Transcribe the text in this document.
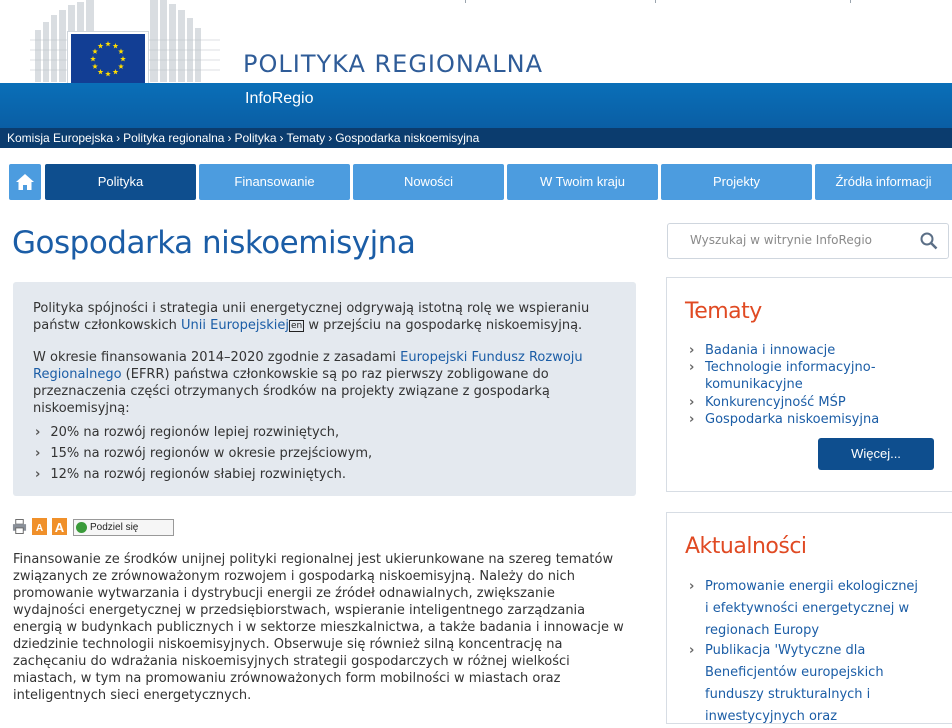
POLITYKA REGIONALNA
InfoRegio
Komisja Europejska › Polityka regionalna › Polityka › Tematy › Gospodarka niskoemisyjna
Polityka	Finansowanie	Nowości	W Twoim kraju	Projekty	Źródła informacji
Gospodarka niskoemisyjna
Polityka spójności i strategia unii energetycznej odgrywają istotną rolę we wspieraniu państw członkowskich Unii Europejskiej en w przejściu na gospodarkę niskoemisyjną.
W okresie finansowania 2014–2020 zgodnie z zasadami Europejski Fundusz Rozwoju Regionalnego (EFRR) państwa członkowskie są po raz pierwszy zobligowane do przeznaczenia części otrzymanych środków na projekty związane z gospodarką niskoemisyjną:
› 20% na rozwój regionów lepiej rozwiniętych,
› 15% na rozwój regionów w okresie przejściowym,
› 12% na rozwój regionów słabiej rozwiniętych.
A A	Podziel się
Finansowanie ze środków unijnej polityki regionalnej jest ukierunkowane na szereg tematów związanych ze zrównoważonym rozwojem i gospodarką niskoemisyjną. Należy do nich promowanie wytwarzania i dystrybucji energii ze źródeł odnawialnych, zwiększanie wydajności energetycznej w przedsiębiorstwach, wspieranie inteligentnego zarządzania energią w budynkach publicznych i w sektorze mieszkalnictwa, a także badania i innowacje w dziedzinie technologii niskoemisyjnych. Obserwuje się również silną koncentrację na zachęcaniu do wdrażania niskoemisyjnych strategii gospodarczych w różnej wielkości miastach, w tym na promowaniu zrównoważonych form mobilności w miastach oraz inteligentnych sieci energetycznych.
Wyszukaj w witrynie InfoRegio
Tematy
› Badania i innowacje
› Technologie informacyjno-komunikacyjne
› Konkurencyjność MŚP
› Gospodarka niskoemisyjna
Więcej...
Aktualności
› Promowanie energii ekologicznej i efektywności energetycznej w regionach Europy
› Publikacja 'Wytyczne dla Beneficjentów europejskich funduszy strukturalnych i inwestycyjnych oraz
